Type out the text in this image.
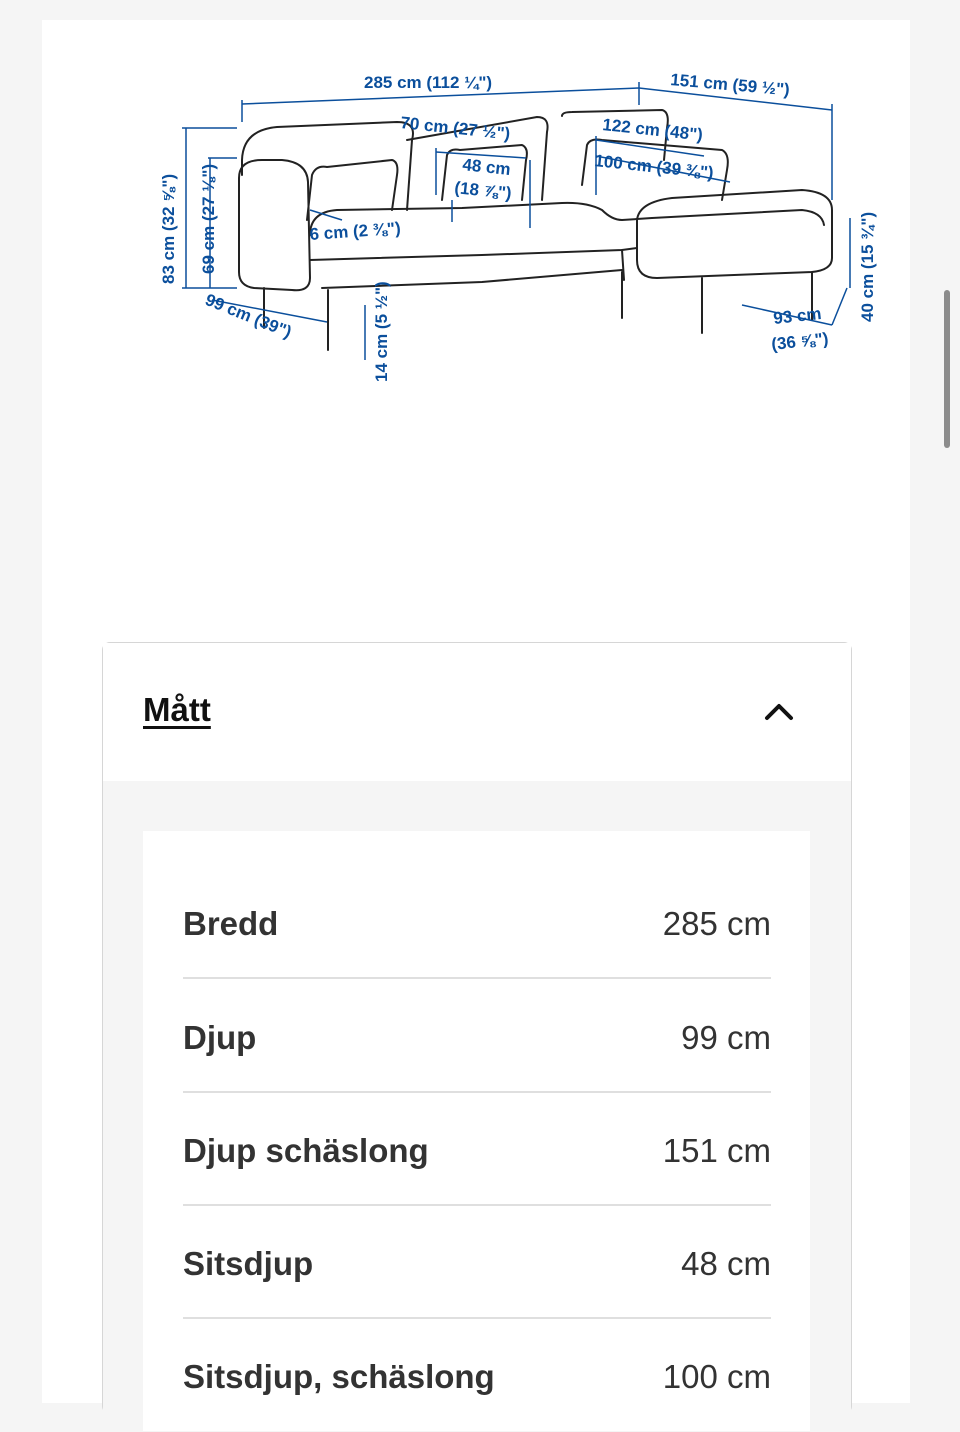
285 cm (112 ¼")	151 cm (59 ½")
70 cm (27 ½")
48 cm
(18 ⅞")
122 cm (48")
100 cm (39 ⅜")
6 cm (2 ⅜")
83 cm (32 ⅝") 69 cm (27 ⅛")
99 cm (39")	14 cm (5 ½")	93 cm
(36 ⅝")
40 cm (15 ¾")
Mått
Bredd	285 cm
Djup	99 cm
Djup schäslong	151 cm
Sitsdjup	48 cm
Sitsdjup, schäslong	100 cm
